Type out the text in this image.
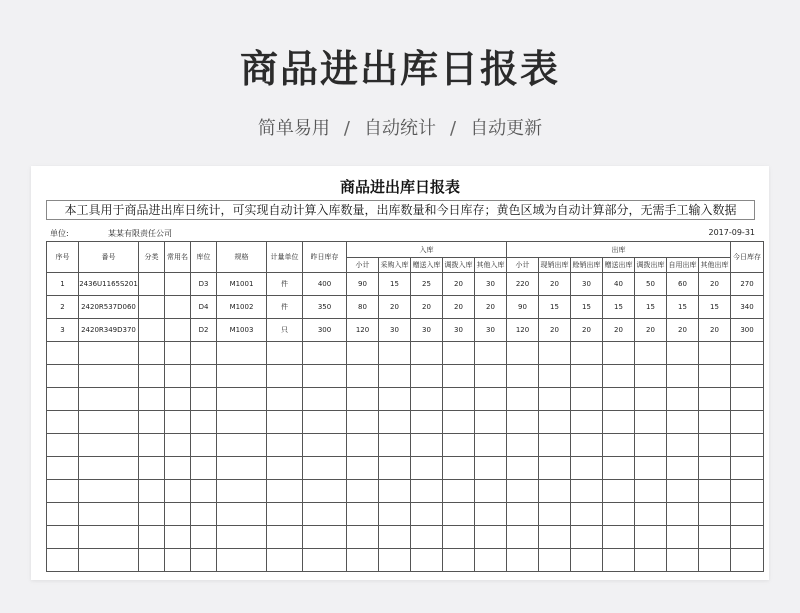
商品进出库日报表
简单易用 / 自动统计 / 自动更新
商品进出库日报表
本工具用于商品进出库日统计，可实现自动计算入库数量，出库数量和今日库存；黄色区域为自动计算部分，无需手工输入数据
单位:	某某有限责任公司	2017-09-31
序号	番号	分类	常用名	库位	规格	计量单位	昨日库存	入库					出库							今日库存
								小计	采购入库	赠送入库	调拨入库	其他入库	小计	现销出库	赊销出库	赠送出库	调拨出库	自用出库	其他出库	
1	2436U1165S201			D3	M1001	件	400	90	15	25	20	30	220	20	30	40	50	60	20	270
2	2420R537D060			D4	M1002	件	350	80	20	20	20	20	90	15	15	15	15	15	15	340
3	2420R349D370			D2	M1003	只	300	120	30	30	30	30	120	20	20	20	20	20	20	300
